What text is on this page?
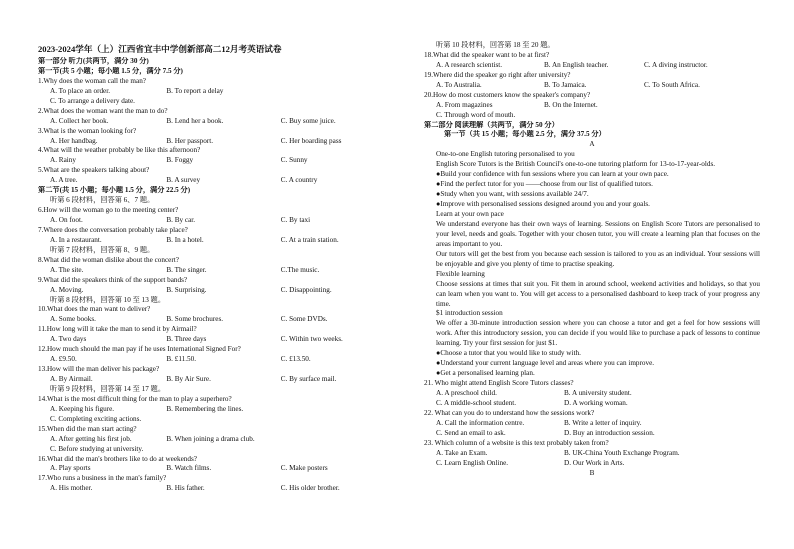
2023-2024学年（上）江西省宜丰中学创新部高二12月考英语试卷
第一部分 听力(共两节，满分 30 分)
第一节(共 5 小题；每小题 1.5 分，满分 7.5 分)
1.Why does the woman call the man?
A. To place an order.	B. To report a delay
C. To arrange a delivery date.
2.What does the woman want the man to do?
A. Collect her book.	B. Lend her a book.	C. Buy some juice.
3.What is the woman looking for?
A. Her handbag.	B. Her passport.	C. Her boarding pass
4.What will the weather probably be like this afternoon?
A. Rainy	B. Foggy	C. Sunny
5.What are the speakers talking about?
A. A tree.	B. A survey	C. A country
第二节(共 15 小题；每小题 1.5 分，满分 22.5 分)
听第 6 段材料，回答第 6、7 题。
6.How will the woman go to the meeting center?
A. On foot.	B. By car.	C. By taxi
7.Where does the conversation probably take place?
A. In a restaurant.	B. In a hotel.	C. At a train station.
听第 7 段材料，回答第 8、9 题。
8.What did the woman dislike about the concert?
A. The site.	B. The singer.	C.The music.
9.What did the speakers think of the support bands?
A. Moving.	B. Surprising.	C. Disappointing.
听第 8 段材料，回答第 10 至 13 题。
10.What does the man want to deliver?
A. Some books.	B. Some brochures.	C. Some DVDs.
11.How long will it take the man to send it by Airmail?
A. Two days	B. Three days	C. Within two weeks.
12.How much should the man pay if he uses International Signed For?
A. £9.50.	B. £11.50.	C. £13.50.
13.How will the man deliver his package?
A. By Airmail.	B. By Air Sure.	C. By surface mail.
听第 9 段材料，回答第 14 至 17 题。
14.What is the most difficult thing for the man to play a superhero?
A. Keeping his figure.	B. Remembering the lines.
C. Completing exciting actions.
15.When did the man start acting?
A. After getting his first job.	B. When joining a drama club.
C. Before studying at university.
16.What did the man's brothers like to do at weekends?
A. Play sports	B. Watch films.	C. Make posters
17.Who runs a business in the man's family?
A. His mother.	B. His father.	C. His older brother.
听第 10 段材料，回答第 18 至 20 题。
18.What did the speaker want to be at first?
A. A research scientist.	B. An English teacher.	C. A diving instructor.
19.Where did the speaker go right after university?
A. To Australia.	B. To Jamaica.	C. To South Africa.
20.How do most customers know the speaker's company?
A. From magazines	B. On the Internet.
C. Through word of mouth.
第二部分 阅读理解（共两节，满分 50 分）
第一节（共 15 小题；每小题 2.5 分，满分 37.5 分）
A
One-to-one English tutoring personalised to you
English Score Tutors is the British Council's one-to-one tutoring platform for 13-to-17-year-olds.
●Build your confidence with fun sessions where you can learn at your own pace.
●Find the perfect tutor for you ——choose from our list of qualified tutors.
●Study when you want, with sessions available 24/7.
●Improve with personalised sessions designed around you and your goals.
Learn at your own pace
We understand everyone has their own ways of learning. Sessions on English Score Tutors are personalised to your level, needs and goals. Together with your chosen tutor, you will create a learning plan that focuses on the areas important to you.
Our tutors will get the best from you because each session is tailored to you as an individual. Your sessions will be enjoyable and give you plenty of time to practise speaking.
Flexible learning
Choose sessions at times that suit you. Fit them in around school, weekend activities and holidays, so that you can learn when you want to. You will get access to a personalised dashboard to keep track of your progress any time.
$1 introduction session
We offer a 30-minute introduction session where you can choose a tutor and get a feel for how sessions will work. After this introductory session, you can decide if you would like to purchase a pack of lessons to continue learning. Try your first session for just $1.
●Choose a tutor that you would like to study with.
●Understand your current language level and areas where you can improve.
●Get a personalised learning plan.
21. Who might attend English Score Tutors classes?
A. A preschool child.	B. A university student.
C. A middle-school student.	D. A working woman.
22. What can you do to understand how the sessions work?
A. Call the information centre.	B. Write a letter of inquiry.
C. Send an email to ask.	D. Buy an introduction session.
23. Which column of a website is this text probably taken from?
A. Take an Exam.	B. UK-China Youth Exchange Program.
C. Learn English Online.	D. Our Work in Arts.
B
